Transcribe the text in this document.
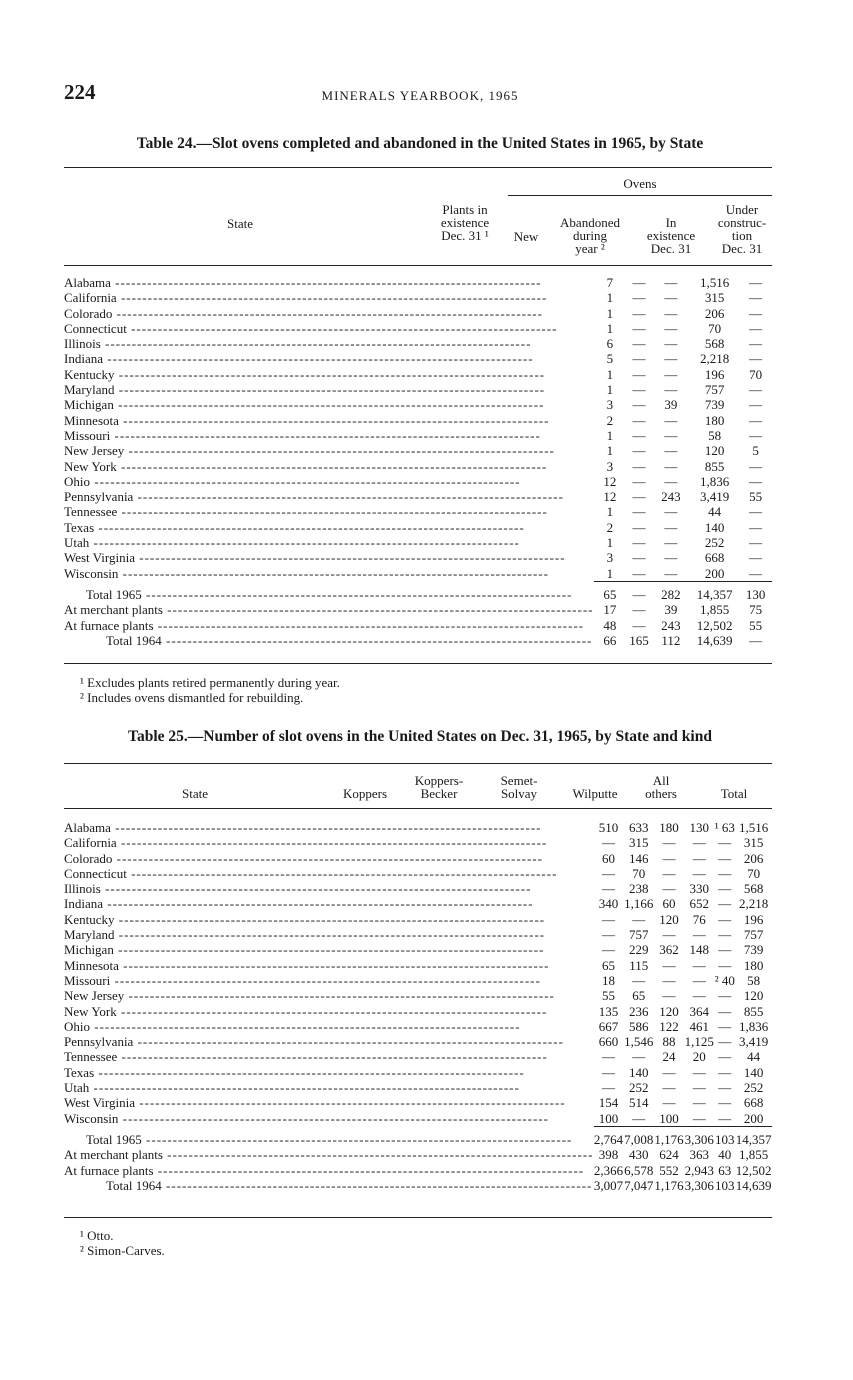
224	MINERALS YEARBOOK, 1965
Table 24.—Slot ovens completed and abandoned in the United States in 1965, by State
State
Plants in
existence
Dec. 31 ¹
Ovens
New
Abandoned
during
year ²
In
existence
Dec. 31
Under
construc-
tion
Dec. 31
Alabama --------------------------------------------------------------------------------	7	—	—	1,516	—
California --------------------------------------------------------------------------------	1	—	—	315	—
Colorado --------------------------------------------------------------------------------	1	—	—	206	—
Connecticut --------------------------------------------------------------------------------	1	—	—	70	—
Illinois --------------------------------------------------------------------------------	6	—	—	568	—
Indiana --------------------------------------------------------------------------------	5	—	—	2,218	—
Kentucky --------------------------------------------------------------------------------	1	—	—	196	70
Maryland --------------------------------------------------------------------------------	1	—	—	757	—
Michigan --------------------------------------------------------------------------------	3	—	39	739	—
Minnesota --------------------------------------------------------------------------------	2	—	—	180	—
Missouri --------------------------------------------------------------------------------	1	—	—	58	—
New Jersey --------------------------------------------------------------------------------	1	—	—	120	5
New York --------------------------------------------------------------------------------	3	—	—	855	—
Ohio --------------------------------------------------------------------------------	12	—	—	1,836	—
Pennsylvania --------------------------------------------------------------------------------	12	—	243	3,419	55
Tennessee --------------------------------------------------------------------------------	1	—	—	44	—
Texas --------------------------------------------------------------------------------	2	—	—	140	—
Utah --------------------------------------------------------------------------------	1	—	—	252	—
West Virginia --------------------------------------------------------------------------------	3	—	—	668	—
Wisconsin --------------------------------------------------------------------------------	1	—	—	200	—
Total 1965 --------------------------------------------------------------------------------	65	—	282	14,357	130
At merchant plants --------------------------------------------------------------------------------	17	—	39	1,855	75
At furnace plants --------------------------------------------------------------------------------	48	—	243	12,502	55
Total 1964 --------------------------------------------------------------------------------	66	165	112	14,639	—
¹ Excludes plants retired permanently during year.
² Includes ovens dismantled for rebuilding.
Table 25.—Number of slot ovens in the United States on Dec. 31, 1965, by State and kind
State	Koppers
Koppers-
Becker
Semet-
Solvay	Wilputte
All
others	Total
Alabama --------------------------------------------------------------------------------	510	633	180	130	¹ 63	1,516
California --------------------------------------------------------------------------------	—	315	—	—	—	315
Colorado --------------------------------------------------------------------------------	60	146	—	—	—	206
Connecticut --------------------------------------------------------------------------------	—	70	—	—	—	70
Illinois --------------------------------------------------------------------------------	—	238	—	330	—	568
Indiana --------------------------------------------------------------------------------	340	1,166	60	652	—	2,218
Kentucky --------------------------------------------------------------------------------	—	—	120	76	—	196
Maryland --------------------------------------------------------------------------------	—	757	—	—	—	757
Michigan --------------------------------------------------------------------------------	—	229	362	148	—	739
Minnesota --------------------------------------------------------------------------------	65	115	—	—	—	180
Missouri --------------------------------------------------------------------------------	18	—	—	—	² 40	58
New Jersey --------------------------------------------------------------------------------	55	65	—	—	—	120
New York --------------------------------------------------------------------------------	135	236	120	364	—	855
Ohio --------------------------------------------------------------------------------	667	586	122	461	—	1,836
Pennsylvania --------------------------------------------------------------------------------	660	1,546	88	1,125	—	3,419
Tennessee --------------------------------------------------------------------------------	—	—	24	20	—	44
Texas --------------------------------------------------------------------------------	—	140	—	—	—	140
Utah --------------------------------------------------------------------------------	—	252	—	—	—	252
West Virginia --------------------------------------------------------------------------------	154	514	—	—	—	668
Wisconsin --------------------------------------------------------------------------------	100	—	100	—	—	200
Total 1965 --------------------------------------------------------------------------------	2,764	7,008	1,176	3,306	103	14,357
At merchant plants --------------------------------------------------------------------------------	398	430	624	363	40	1,855
At furnace plants --------------------------------------------------------------------------------	2,366	6,578	552	2,943	63	12,502
Total 1964 --------------------------------------------------------------------------------	3,007	7,047	1,176	3,306	103	14,639
¹ Otto.
² Simon-Carves.
